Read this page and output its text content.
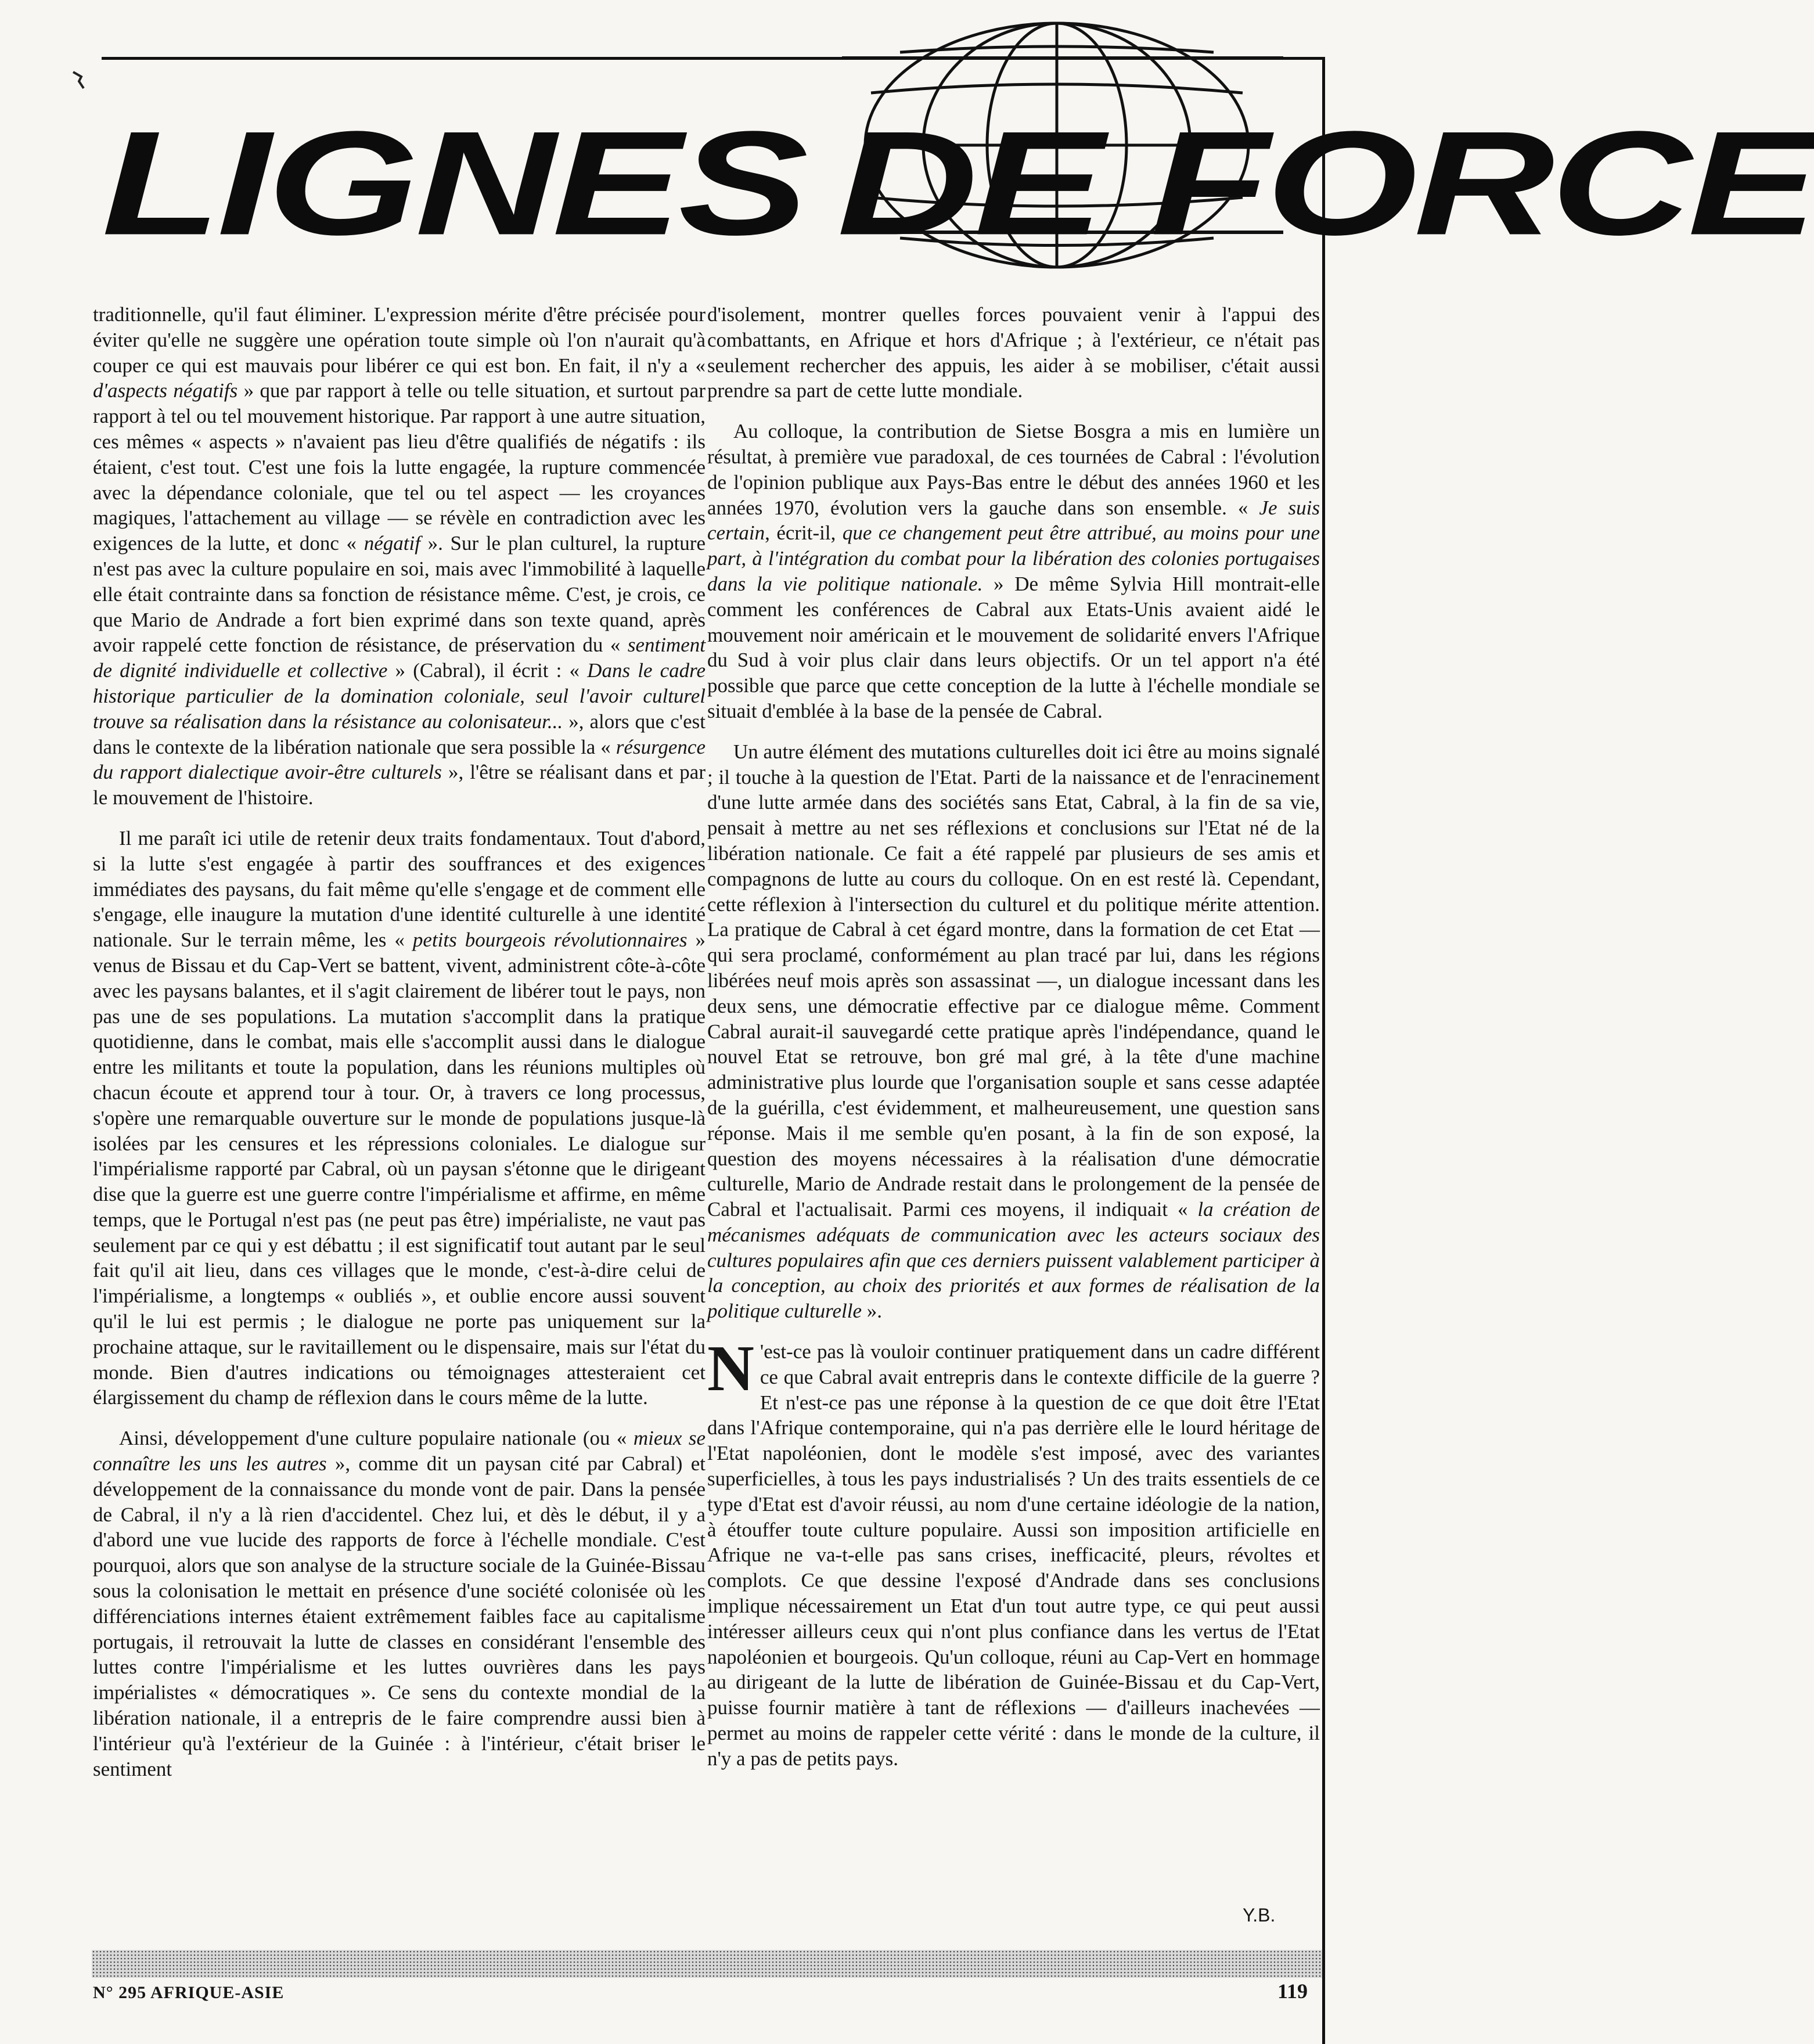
LIGNES DE FORCE

traditionnelle, qu'il faut éliminer. L'expression mérite d'être précisée pour éviter qu'elle ne suggère une opération toute simple où l'on n'aurait qu'à couper ce qui est mauvais pour libérer ce qui est bon. En fait, il n'y a « d'aspects négatifs » que par rapport à telle ou telle situation, et surtout par rapport à tel ou tel mouvement historique. Par rapport à une autre situation, ces mêmes « aspects » n'avaient pas lieu d'être qualifiés de négatifs : ils étaient, c'est tout. C'est une fois la lutte engagée, la rupture commencée avec la dépendance coloniale, que tel ou tel aspect — les croyances magiques, l'attachement au village — se révèle en contradiction avec les exigences de la lutte, et donc « négatif ». Sur le plan culturel, la rupture n'est pas avec la culture populaire en soi, mais avec l'immobilité à laquelle elle était contrainte dans sa fonction de résistance même. C'est, je crois, ce que Mario de Andrade a fort bien exprimé dans son texte quand, après avoir rappelé cette fonction de résistance, de préservation du « sentiment de dignité individuelle et collective » (Cabral), il écrit : « Dans le cadre historique particulier de la domination coloniale, seul l'avoir culturel trouve sa réalisation dans la résistance au colonisateur... », alors que c'est dans le contexte de la libération nationale que sera possible la « résurgence du rapport dialectique avoir-être culturels », l'être se réalisant dans et par le mouvement de l'histoire.

Il me paraît ici utile de retenir deux traits fondamentaux. Tout d'abord, si la lutte s'est engagée à partir des souffrances et des exigences immédiates des paysans, du fait même qu'elle s'engage et de comment elle s'engage, elle inaugure la mutation d'une identité culturelle à une identité nationale. Sur le terrain même, les « petits bourgeois révolutionnaires » venus de Bissau et du Cap-Vert se battent, vivent, administrent côte-à-côte avec les paysans balantes, et il s'agit clairement de libérer tout le pays, non pas une de ses populations. La mutation s'accomplit dans la pratique quotidienne, dans le combat, mais elle s'accomplit aussi dans le dialogue entre les militants et toute la population, dans les réunions multiples où chacun écoute et apprend tour à tour. Or, à travers ce long processus, s'opère une remarquable ouverture sur le monde de populations jusque-là isolées par les censures et les répressions coloniales. Le dialogue sur l'impérialisme rapporté par Cabral, où un paysan s'étonne que le dirigeant dise que la guerre est une guerre contre l'impérialisme et affirme, en même temps, que le Portugal n'est pas (ne peut pas être) impérialiste, ne vaut pas seulement par ce qui y est débattu ; il est significatif tout autant par le seul fait qu'il ait lieu, dans ces villages que le monde, c'est-à-dire celui de l'impérialisme, a longtemps « oubliés », et oublie encore aussi souvent qu'il le lui est permis ; le dialogue ne porte pas uniquement sur la prochaine attaque, sur le ravitaillement ou le dispensaire, mais sur l'état du monde. Bien d'autres indications ou témoignages attesteraient cet élargissement du champ de réflexion dans le cours même de la lutte.

Ainsi, développement d'une culture populaire nationale (ou « mieux se connaître les uns les autres », comme dit un paysan cité par Cabral) et développement de la connaissance du monde vont de pair. Dans la pensée de Cabral, il n'y a là rien d'accidentel. Chez lui, et dès le début, il y a d'abord une vue lucide des rapports de force à l'échelle mondiale. C'est pourquoi, alors que son analyse de la structure sociale de la Guinée-Bissau sous la colonisation le mettait en présence d'une société colonisée où les différenciations internes étaient extrêmement faibles face au capitalisme portugais, il retrouvait la lutte de classes en considérant l'ensemble des luttes contre l'impérialisme et les luttes ouvrières dans les pays impérialistes « démocratiques ». Ce sens du contexte mondial de la libération nationale, il a entrepris de le faire comprendre aussi bien à l'intérieur qu'à l'extérieur de la Guinée : à l'intérieur, c'était briser le sentiment

d'isolement, montrer quelles forces pouvaient venir à l'appui des combattants, en Afrique et hors d'Afrique ; à l'extérieur, ce n'était pas seulement rechercher des appuis, les aider à se mobiliser, c'était aussi prendre sa part de cette lutte mondiale.

Au colloque, la contribution de Sietse Bosgra a mis en lumière un résultat, à première vue paradoxal, de ces tournées de Cabral : l'évolution de l'opinion publique aux Pays-Bas entre le début des années 1960 et les années 1970, évolution vers la gauche dans son ensemble. « Je suis certain, écrit-il, que ce changement peut être attribué, au moins pour une part, à l'intégration du combat pour la libération des colonies portugaises dans la vie politique nationale. » De même Sylvia Hill montrait-elle comment les conférences de Cabral aux Etats-Unis avaient aidé le mouvement noir américain et le mouvement de solidarité envers l'Afrique du Sud à voir plus clair dans leurs objectifs. Or un tel apport n'a été possible que parce que cette conception de la lutte à l'échelle mondiale se situait d'emblée à la base de la pensée de Cabral.

Un autre élément des mutations culturelles doit ici être au moins signalé ; il touche à la question de l'Etat. Parti de la naissance et de l'enracinement d'une lutte armée dans des sociétés sans Etat, Cabral, à la fin de sa vie, pensait à mettre au net ses réflexions et conclusions sur l'Etat né de la libération nationale. Ce fait a été rappelé par plusieurs de ses amis et compagnons de lutte au cours du colloque. On en est resté là. Cependant, cette réflexion à l'intersection du culturel et du politique mérite attention. La pratique de Cabral à cet égard montre, dans la formation de cet Etat — qui sera proclamé, conformément au plan tracé par lui, dans les régions libérées neuf mois après son assassinat —, un dialogue incessant dans les deux sens, une démocratie effective par ce dialogue même. Comment Cabral aurait-il sauvegardé cette pratique après l'indépendance, quand le nouvel Etat se retrouve, bon gré mal gré, à la tête d'une machine administrative plus lourde que l'organisation souple et sans cesse adaptée de la guérilla, c'est évidemment, et malheureusement, une question sans réponse. Mais il me semble qu'en posant, à la fin de son exposé, la question des moyens nécessaires à la réalisation d'une démocratie culturelle, Mario de Andrade restait dans le prolongement de la pensée de Cabral et l'actualisait. Parmi ces moyens, il indiquait « la création de mécanismes adéquats de communication avec les acteurs sociaux des cultures populaires afin que ces derniers puissent valablement participer à la conception, au choix des priorités et aux formes de réalisation de la politique culturelle ».

N 'est-ce pas là vouloir continuer pratiquement dans un cadre différent ce que Cabral avait entrepris dans le contexte difficile de la guerre ? Et n'est-ce pas une réponse à la question de ce que doit être l'Etat dans l'Afrique contemporaine, qui n'a pas derrière elle le lourd héritage de l'Etat napoléonien, dont le modèle s'est imposé, avec des variantes superficielles, à tous les pays industrialisés ? Un des traits essentiels de ce type d'Etat est d'avoir réussi, au nom d'une certaine idéologie de la nation, à étouffer toute culture populaire. Aussi son imposition artificielle en Afrique ne va-t-elle pas sans crises, inefficacité, pleurs, révoltes et complots. Ce que dessine l'exposé d'Andrade dans ses conclusions implique nécessairement un Etat d'un tout autre type, ce qui peut aussi intéresser ailleurs ceux qui n'ont plus confiance dans les vertus de l'Etat napoléonien et bourgeois. Qu'un colloque, réuni au Cap-Vert en hommage au dirigeant de la lutte de libération de Guinée-Bissau et du Cap-Vert, puisse fournir matière à tant de réflexions — d'ailleurs inachevées — permet au moins de rappeler cette vérité : dans le monde de la culture, il n'y a pas de petits pays.

Y.B.
N° 295 AFRIQUE-ASIE	119
